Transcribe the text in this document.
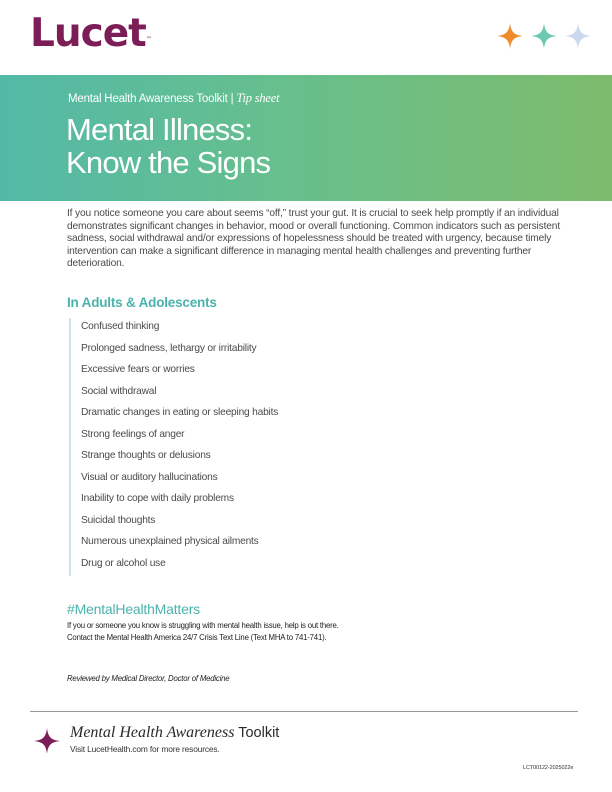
Lucet™
Mental Health Awareness Toolkit | Tip sheet
Mental Illness:
Know the Signs

If you notice someone you care about seems “off,” trust your gut. It is crucial to seek help promptly if an individual demonstrates significant changes in behavior, mood or overall functioning. Common indicators such as persistent sadness, social withdrawal and/or expressions of hopelessness should be treated with urgency, because timely intervention can make a significant difference in managing mental health challenges and preventing further deterioration.

In Adults & Adolescents
Confused thinking
Prolonged sadness, lethargy or irritability
Excessive fears or worries
Social withdrawal
Dramatic changes in eating or sleeping habits
Strong feelings of anger
Strange thoughts or delusions
Visual or auditory hallucinations
Inability to cope with daily problems
Suicidal thoughts
Numerous unexplained physical ailments
Drug or alcohol use
#MentalHealthMatters
If you or someone you know is struggling with mental health issue, help is out there.
Contact the Mental Health America 24/7 Crisis Text Line (Text MHA to 741-741).
Reviewed by Medical Director, Doctor of Medicine
Mental Health Awareness Toolkit
Visit LucetHealth.com for more resources.
LCT00122-2025022e
